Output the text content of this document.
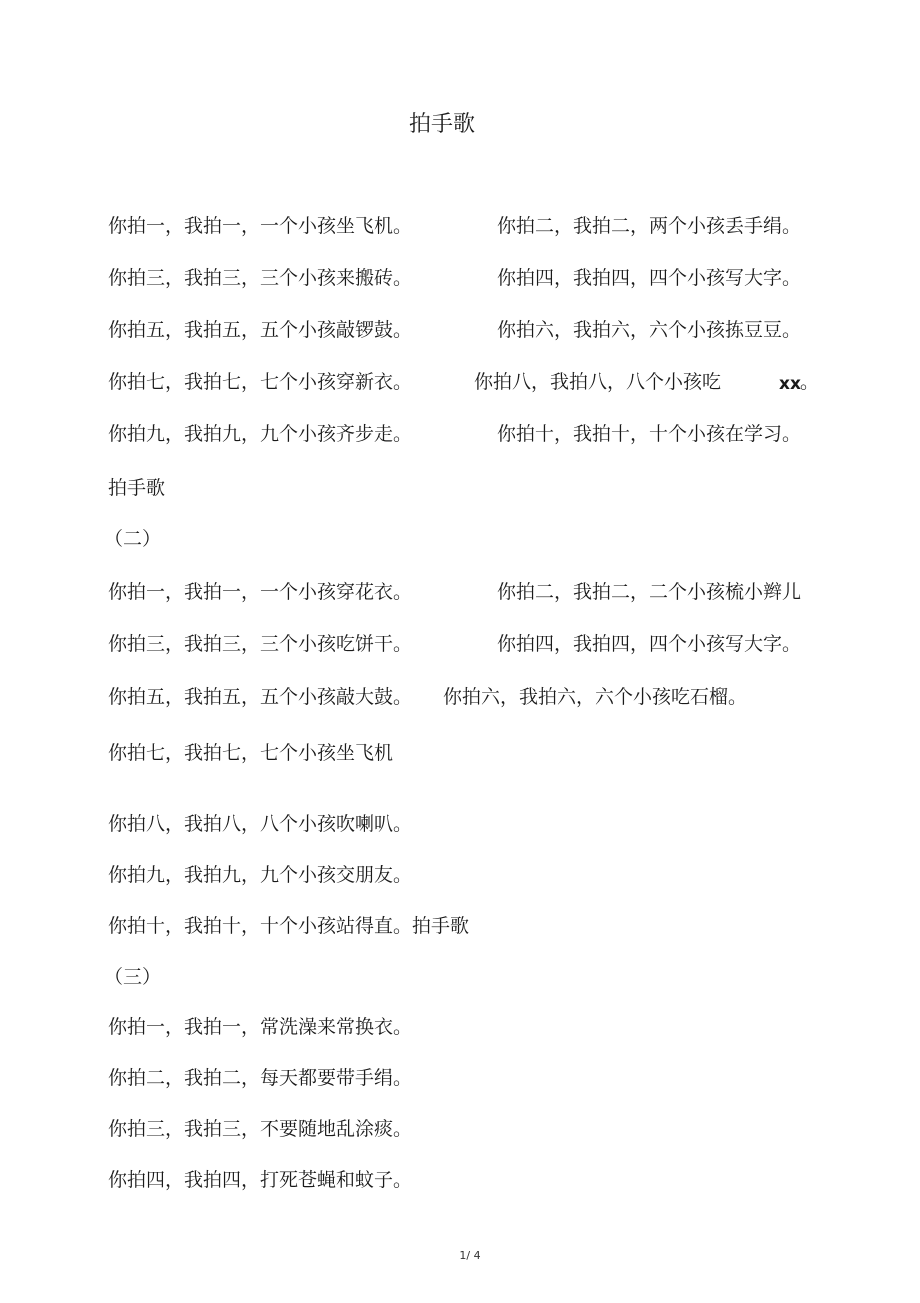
拍手歌
你拍一，我拍一，一个小孩坐飞机。	你拍二，我拍二，两个小孩丢手绢。
你拍三，我拍三，三个小孩来搬砖。	你拍四，我拍四，四个小孩写大字。
你拍五，我拍五，五个小孩敲锣鼓。	你拍六，我拍六，六个小孩拣豆豆。
你拍七，我拍七，七个小孩穿新衣。	你拍八，我拍八，八个小孩吃	xx 。
你拍九，我拍九，九个小孩齐步走。	你拍十，我拍十，十个小孩在学习。
拍手歌
（二）
你拍一，我拍一，一个小孩穿花衣。	你拍二，我拍二，二个小孩梳小辫儿
你拍三，我拍三，三个小孩吃饼干。	你拍四，我拍四，四个小孩写大字。
你拍五，我拍五，五个小孩敲大鼓。 你拍六，我拍六，六个小孩吃石榴。
你拍七，我拍七，七个小孩坐飞机
你拍八，我拍八，八个小孩吹喇叭。
你拍九，我拍九，九个小孩交朋友。
你拍十，我拍十，十个小孩站得直。拍手歌
（三）
你拍一，我拍一，常洗澡来常换衣。
你拍二，我拍二，每天都要带手绢。
你拍三，我拍三，不要随地乱涂痰。
你拍四，我拍四，打死苍蝇和蚊子。
1/ 4
